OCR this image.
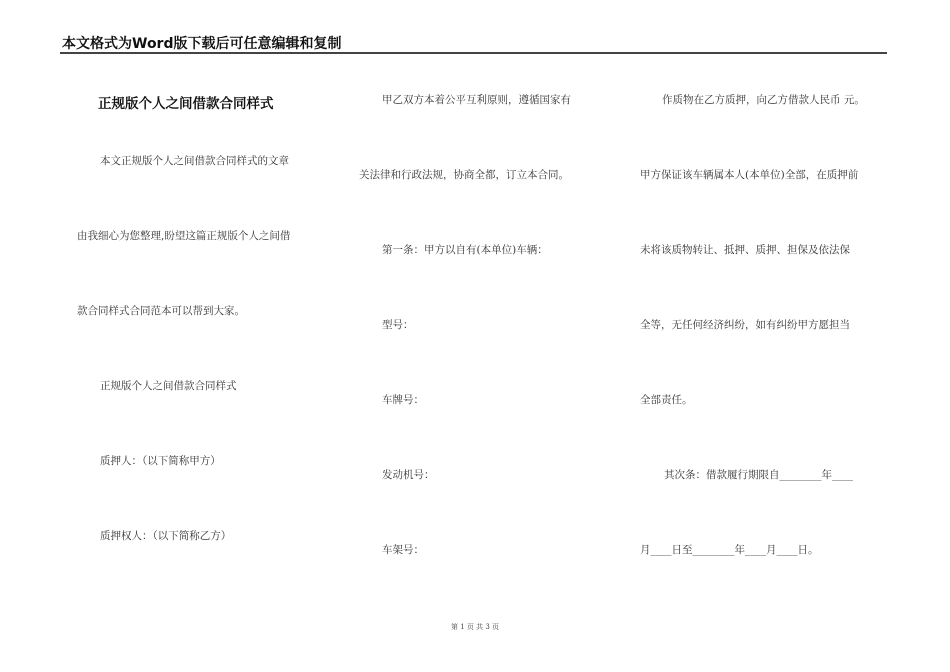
本文格式为Word版下载后可任意编辑和复制
正规版个人之间借款合同样式
本文正规版个人之间借款合同样式的文章
由我细心为您整理,盼望这篇正规版个人之间借
款合同样式合同范本可以帮到大家。
正规版个人之间借款合同样式
质押人：（以下简称甲方）
质押权人：（以下简称乙方）
甲乙双方本着公平互利原则，遵循国家有
关法律和行政法规，协商全都，订立本合同。
第一条：甲方以自有(本单位)车辆：
型号：
车牌号：
发动机号：
车架号：
作质物在乙方质押，向乙方借款人民币 元。
甲方保证该车辆属本人(本单位)全部，在质押前
未将该质物转让、抵押、质押、担保及依法保
全等，无任何经济纠纷，如有纠纷甲方愿担当
全部责任。
其次条：借款履行期限自________年____
月____日至________年____月____日。
第 1 页 共 3 页
